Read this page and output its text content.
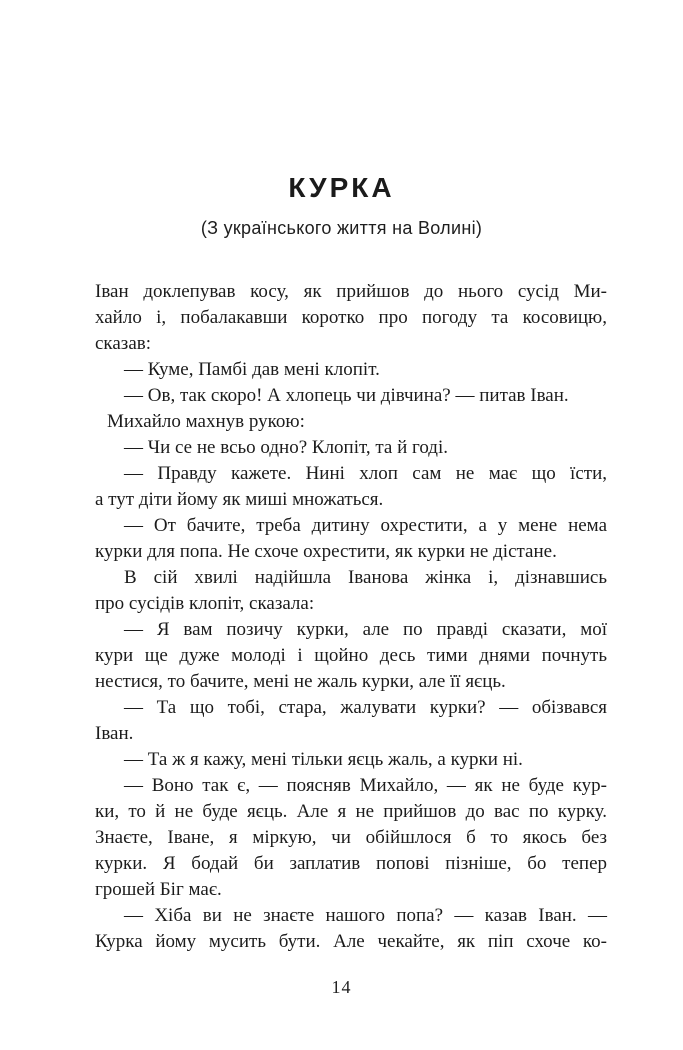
КУРКА
(З українського життя на Волині)
Іван доклепував косу, як прийшов до нього сусід Ми-
хайло і, побалакавши коротко про погоду та косовицю,
сказав:
— Куме, Памбі дав мені клопіт.
— Ов, так скоро! А хлопець чи дівчина? — питав Іван.
Михайло махнув рукою:
— Чи се не всьо одно? Клопіт, та й годі.
— Правду кажете. Нині хлоп сам не має що їсти,
а тут діти йому як миші множаться.
— От бачите, треба дитину охрестити, а у мене нема
курки для попа. Не схоче охрестити, як курки не дістане.
В сій хвилі надійшла Іванова жінка і, дізнавшись
про сусідів клопіт, сказала:
— Я вам позичу курки, але по правді сказати, мої
кури ще дуже молоді і щойно десь тими днями почнуть
нестися, то бачите, мені не жаль курки, але її яєць.
— Та що тобі, стара, жалувати курки? — обізвався
Іван.
— Та ж я кажу, мені тільки яєць жаль, а курки ні.
— Воно так є, — поясняв Михайло, — як не буде кур-
ки, то й не буде яєць. Але я не прийшов до вас по курку.
Знаєте, Іване, я міркую, чи обійшлося б то якось без
курки. Я бодай би заплатив попові пізніше, бо тепер
грошей Біг має.
— Хіба ви не знаєте нашого попа? — казав Іван. —
Курка йому мусить бути. Але чекайте, як піп схоче ко-
14
